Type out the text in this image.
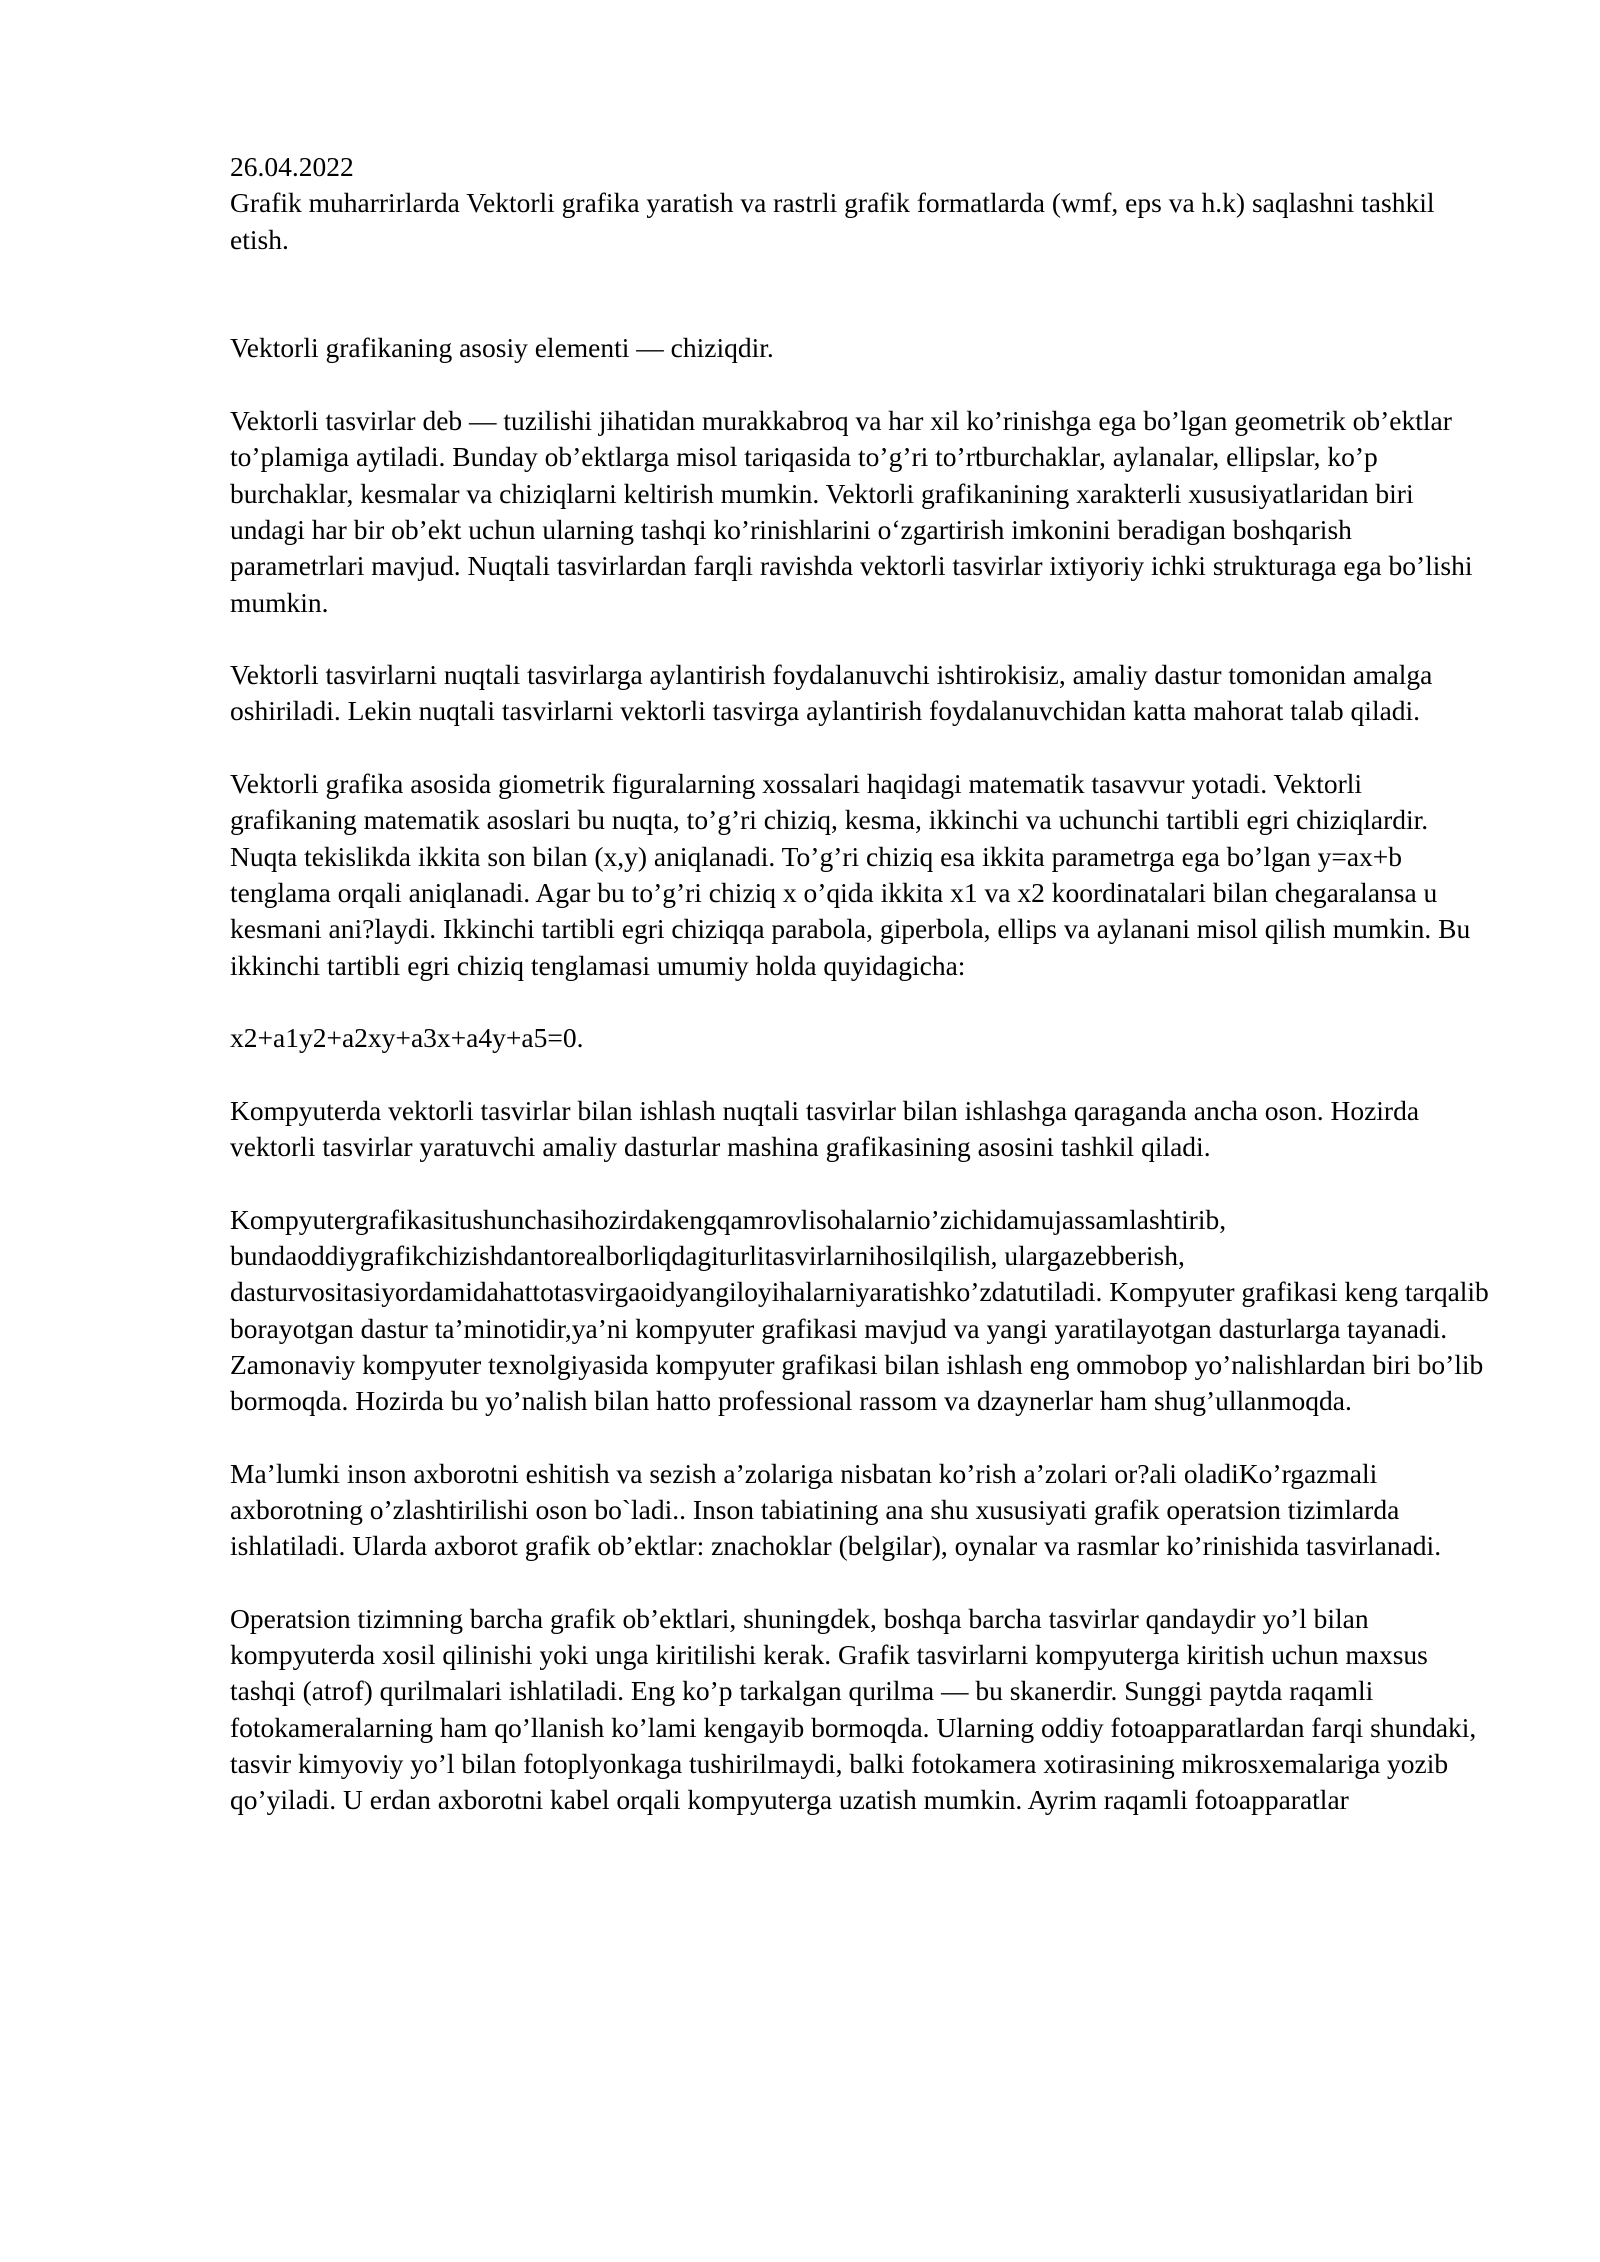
26.04.2022

Grafik muharrirlarda Vektorli grafika yaratish va rastrli grafik formatlarda (wmf, eps va h.k) saqlashni tashkil etish.

Vektorli grafikaning asosiy elementi — chiziqdir.

Vektorli tasvirlar deb — tuzilishi jihatidan murakkabroq va har xil ko’rinishga ega bo’lgan geometrik ob’ektlar to’plamiga aytiladi. Bunday ob’ektlarga misol tariqasida to’g’ri to’rtburchaklar, aylanalar, ellipslar, ko’p burchaklar, kesmalar va chiziqlarni keltirish mumkin. Vektorli grafikanining xarakterli xususiyatlaridan biri undagi har bir ob’ekt uchun ularning tashqi ko’rinishlarini o‘zgartirish imkonini beradigan boshqarish parametrlari mavjud. Nuqtali tasvirlardan farqli ravishda vektorli tasvirlar ixtiyoriy ichki strukturaga ega bo’lishi mumkin.

Vektorli tasvirlarni nuqtali tasvirlarga aylantirish foydalanuvchi ishtirokisiz, amaliy dastur tomonidan amalga oshiriladi. Lekin nuqtali tasvirlarni vektorli tasvirga aylantirish foydalanuvchidan katta mahorat talab qiladi.

Vektorli grafika asosida giometrik figuralarning xossalari haqidagi matematik tasavvur yotadi. Vektorli grafikaning matematik asoslari bu nuqta, to’g’ri chiziq, kesma, ikkinchi va uchunchi tartibli egri chiziqlardir. Nuqta tekislikda ikkita son bilan (x,y) aniqlanadi. To’g’ri chiziq esa ikkita parametrga ega bo’lgan y=ax+b tenglama orqali aniqlanadi. Agar bu to’g’ri chiziq x o’qida ikkita x1 va x2 koordinatalari bilan chegaralansa u kesmani ani?laydi. Ikkinchi tartibli egri chiziqqa parabola, giperbola, ellips va aylanani misol qilish mumkin. Bu ikkinchi tartibli egri chiziq tenglamasi umumiy holda quyidagicha:

x2+a1y2+a2xy+a3x+a4y+a5=0.

Kompyuterda vektorli tasvirlar bilan ishlash nuqtali tasvirlar bilan ishlashga qaraganda ancha oson. Hozirda vektorli tasvirlar yaratuvchi amaliy dasturlar mashina grafikasining asosini tashkil qiladi.

Kompyutergrafikasitushunchasihozirdakengqamrovlisohalarnio’zichidamujassamlashtirib, bundaoddiygrafikchizishdantorealborliqdagiturlitasvirlarnihosilqilish, ulargazebberish, dasturvositasiyordamidahattotasvirgaoidyangiloyihalarniyaratishko’zdatutiladi. Kompyuter grafikasi keng tarqalib borayotgan dastur ta’minotidir,ya’ni kompyuter grafikasi mavjud va yangi yaratilayotgan dasturlarga tayanadi. Zamonaviy kompyuter texnolgiyasida kompyuter grafikasi bilan ishlash eng ommobop yo’nalishlardan biri bo’lib bormoqda. Hozirda bu yo’nalish bilan hatto professional rassom va dzaynerlar ham shug’ullanmoqda.

Ma’lumki inson axborotni eshitish va sezish a’zolariga nisbatan ko’rish a’zolari or?ali oladiKo’rgazmali axborotning o’zlashtirilishi oson bo`ladi.. Inson tabiatining ana shu xususiyati grafik operatsion tizimlarda ishlatiladi. Ularda axborot grafik ob’ektlar: znachoklar (belgilar), oynalar va rasmlar ko’rinishida tasvirlanadi.

Operatsion tizimning barcha grafik ob’ektlari, shuningdek, boshqa barcha tasvirlar qandaydir yo’l bilan kompyuterda xosil qilinishi yoki unga kiritilishi kerak. Grafik tasvirlarni kompyuterga kiritish uchun maxsus tashqi (atrof) qurilmalari ishlatiladi. Eng ko’p tarkalgan qurilma — bu skanerdir. Sunggi paytda raqamli fotokameralarning ham qo’llanish ko’lami kengayib bormoqda. Ularning oddiy fotoapparatlardan farqi shundaki, tasvir kimyoviy yo’l bilan fotoplyonkaga tushirilmaydi, balki fotokamera xotirasining mikrosxemalariga yozib qo’yiladi. U erdan axborotni kabel orqali kompyuterga uzatish mumkin. Ayrim raqamli fotoapparatlar
